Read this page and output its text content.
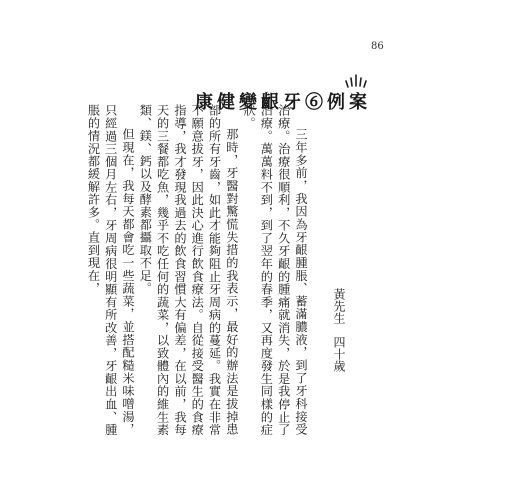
86
案例⑥牙齦變健康
黃先生　四十歲

三年多前，我因為牙齦腫脹、蓄滿膿液，到了牙科接受治療。治療很順利，不久牙齦的腫痛就消失，於是我停止了治療。萬萬料不到，到了翌年的春季，又再度發生同樣的症狀。

那時，牙醫對驚慌失措的我表示，最好的辦法是拔掉患部的所有牙齒，如此才能夠阻止牙周病的蔓延。我實在非常不願意拔牙，因此決心進行飲食療法。自從接受醫生的食療指導，我才發現我過去的飲食習慣大有偏差，在以前，我每天的三餐都吃魚，幾乎不吃任何的蔬菜，以致體內的維生素類、鎂、鈣以及酵素都攝取不足。

但現在，我每天都會吃一些蔬菜，並搭配糙米味噌湯，只經過三個月左右，牙周病很明顯有所改善，牙齦出血、腫脹的情況都緩解許多。直到現在，
